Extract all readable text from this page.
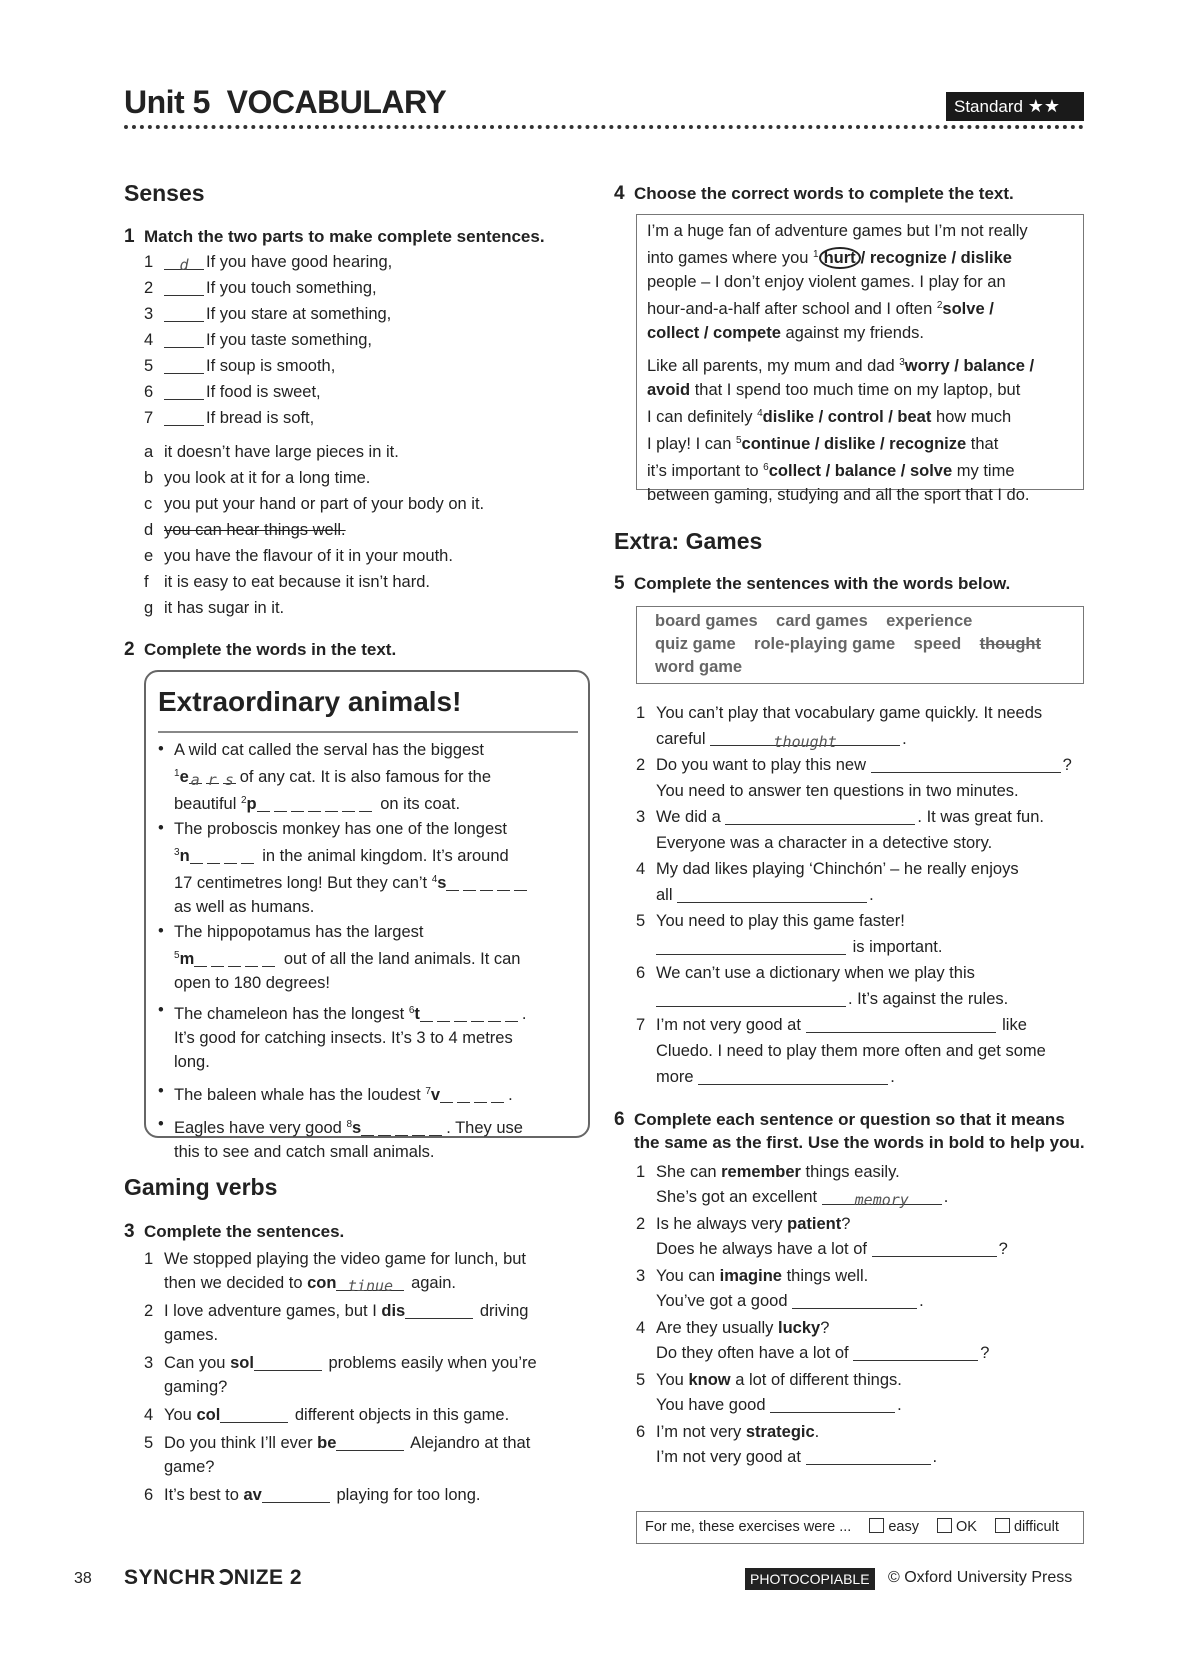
Unit 5 VOCABULARY	Standard ★★
Senses
1 Match the two parts to make complete sentences.
1 d If you have good hearing,
2	If you touch something,
3	If you stare at something,
4	If you taste something,
5	If soup is smooth,
6	If food is sweet,
7	If bread is soft,
a it doesn’t have large pieces in it.
b you look at it for a long time.
c you put your hand or part of your body on it.
d you can hear things well.
e you have the flavour of it in your mouth.
f it is easy to eat because it isn’t hard.
g it has sugar in it.
2 Complete the words in the text.
Extraordinary animals!
• A wild cat called the serval has the biggest
$^1$e a r s of any cat. It is also famous for the
beautiful $^2$p	on its coat.
• The proboscis monkey has one of the longest
$^3$n	in the animal kingdom. It’s around
17 centimetres long! But they can’t $^4$s
as well as humans.
• The hippopotamus has the largest
$^5$m	out of all the land animals. It can
open to 180 degrees!
• The chameleon has the longest $^6$t	.
It’s good for catching insects. It’s 3 to 4 metres
long.
• The baleen whale has the loudest $^7$v	.
• Eagles have very good $^8$s	. They use
this to see and catch small animals.
Gaming verbs
3 Complete the sentences.
1 We stopped playing the video game for lunch, but
then we decided to con tinue again.
2 I love adventure games, but I dis	driving
games.
3 Can you sol	problems easily when you’re
gaming?
4 You col	different objects in this game.
5 Do you think I’ll ever be	Alejandro at that
game?
6 It’s best to av	playing for too long.
4 Choose the correct words to complete the text.
I’m a huge fan of adventure games but I’m not really
into games where you $^1$ hurt / recognize / dislike
people – I don’t enjoy violent games. I play for an
hour-and-a-half after school and I often $^2$solve /
collect / compete against my friends.
Like all parents, my mum and dad $^3$worry / balance /
avoid that I spend too much time on my laptop, but
I can definitely $^4$dislike / control / beat how much
I play! I can $^5$continue / dislike / recognize that
it’s important to $^6$collect / balance / solve my time
between gaming, studying and all the sport that I do.
Extra: Games
5 Complete the sentences with the words below.
board games card games experience
quiz game role-playing game speed thought
word game
1 You can’t play that vocabulary game quickly. It needs
careful	thought	.
2 Do you want to play this new	?
You need to answer ten questions in two minutes.
3 We did a	. It was great fun.
Everyone was a character in a detective story.
4 My dad likes playing ‘Chinchón’ – he really enjoys
all	.
5 You need to play this game faster!
is important.
6 We can’t use a dictionary when we play this
. It’s against the rules.
7 I’m not very good at	like
Cluedo. I need to play them more often and get some
more	.
6 Complete each sentence or question so that it means
the same as the first. Use the words in bold to help you.
1 She can remember things easily.
She’s got an excellent	memory .
2 Is he always very patient?
Does he always have a lot of	?
3 You can imagine things well.
You’ve got a good	.
4 Are they usually lucky?
Do they often have a lot of	?
5 You know a lot of different things.
You have good	.
6 I’m not very strategic.
I’m not very good at	.
For me, these exercises were ...	easy	OK	difficult
38 SYNCHR NIZE 2	PHOTOCOPIABLE	© Oxford University Press
